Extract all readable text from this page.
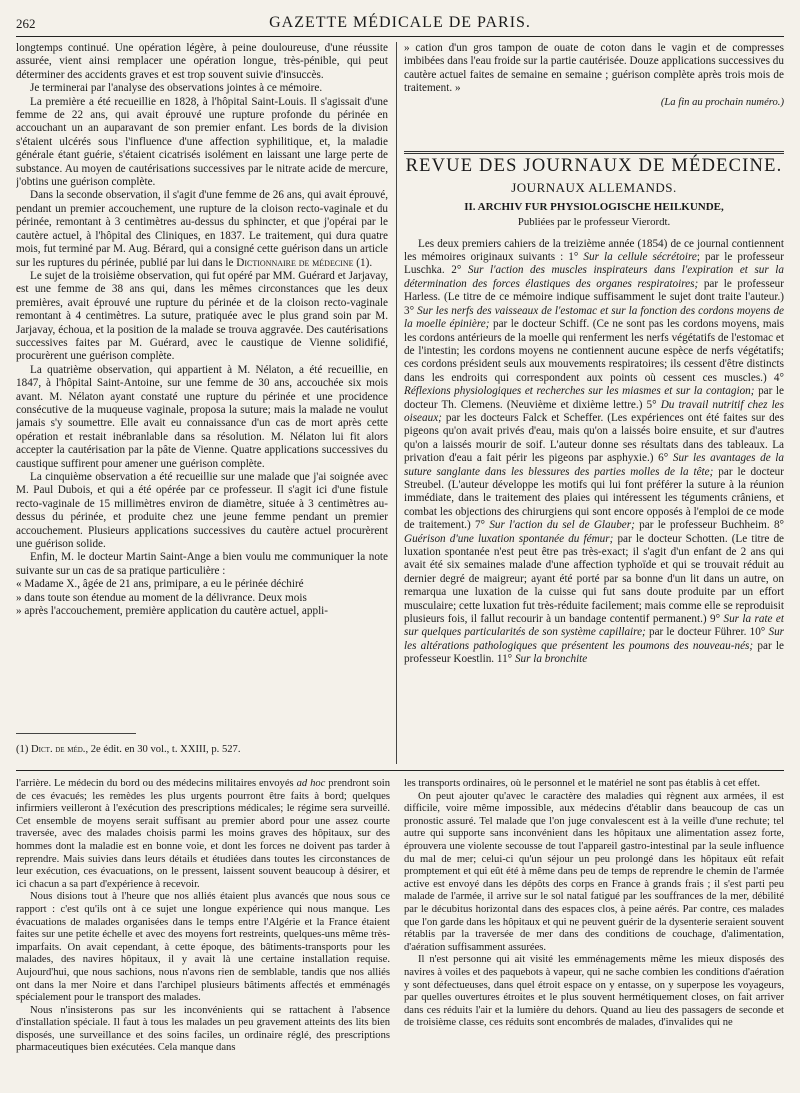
262	GAZETTE MÉDICALE DE PARIS.

longtemps continué. Une opération légère, à peine douloureuse, d'une réussite assurée, vient ainsi remplacer une opération longue, très-pénible, qui peut déterminer des accidents graves et est trop souvent suivie d'insuccès.

Je terminerai par l'analyse des observations jointes à ce mémoire.

La première a été recueillie en 1828, à l'hôpital Saint-Louis. Il s'agissait d'une femme de 22 ans, qui avait éprouvé une rupture profonde du périnée en accouchant un an auparavant de son premier enfant. Les bords de la division s'étaient ulcérés sous l'influence d'une affection syphilitique, et, la maladie générale étant guérie, s'étaient cicatrisés isolément en laissant une large perte de substance. Au moyen de cautérisations successives par le nitrate acide de mercure, j'obtins une guérison complète.

Dans la seconde observation, il s'agit d'une femme de 26 ans, qui avait éprouvé, pendant un premier accouchement, une rupture de la cloison recto-vaginale et du périnée, remontant à 3 centimètres au-dessus du sphincter, et que j'opérai par le cautère actuel, à l'hôpital des Cliniques, en 1837. Le traitement, qui dura quatre mois, fut terminé par M. Aug. Bérard, qui a consigné cette guérison dans un article sur les ruptures du périnée, publié par lui dans le Dictionnaire de médecine (1).

Le sujet de la troisième observation, qui fut opéré par MM. Guérard et Jarjavay, est une femme de 38 ans qui, dans les mêmes circonstances que les deux premières, avait éprouvé une rupture du périnée et de la cloison recto-vaginale remontant à 4 centimètres. La suture, pratiquée avec le plus grand soin par M. Jarjavay, échoua, et la position de la malade se trouva aggravée. Des cautérisations successives faites par M. Guérard, avec le caustique de Vienne solidifié, procurèrent une guérison complète.

La quatrième observation, qui appartient à M. Nélaton, a été recueillie, en 1847, à l'hôpital Saint-Antoine, sur une femme de 30 ans, accouchée six mois avant. M. Nélaton ayant constaté une rupture du périnée et une procidence consécutive de la muqueuse vaginale, proposa la suture; mais la malade ne voulut jamais s'y soumettre. Elle avait eu connaissance d'un cas de mort après cette opération et restait inébranlable dans sa résolution. M. Nélaton lui fit alors accepter la cautérisation par la pâte de Vienne. Quatre applications successives du caustique suffirent pour amener une guérison complète.

La cinquième observation a été recueillie sur une malade que j'ai soignée avec M. Paul Dubois, et qui a été opérée par ce professeur. Il s'agit ici d'une fistule recto-vaginale de 15 millimètres environ de diamètre, située à 3 centimètres au-dessus du périnée, et produite chez une jeune femme pendant un premier accouchement. Plusieurs applications successives du cautère actuel procurèrent une guérison solide.

Enfin, M. le docteur Martin Saint-Ange a bien voulu me communiquer la note suivante sur un cas de sa pratique particulière :

« Madame X., âgée de 21 ans, primipare, a eu le périnée déchiré

» dans toute son étendue au moment de la délivrance. Deux mois

» après l'accouchement, première application du cautère actuel, appli-

(1) Dict. de méd., 2e édit. en 30 vol., t. XXIII, p. 527.

» cation d'un gros tampon de ouate de coton dans le vagin et de compresses imbibées dans l'eau froide sur la partie cautérisée. Douze applications successives du cautère actuel faites de semaine en semaine ; guérison complète après trois mois de traitement. »

(La fin au prochain numéro.)

REVUE DES JOURNAUX DE MÉDECINE.
JOURNAUX ALLEMANDS.
II. ARCHIV FUR PHYSIOLOGISCHE HEILKUNDE,
Publiées par le professeur Vierordt.

Les deux premiers cahiers de la treizième année (1854) de ce journal contiennent les mémoires originaux suivants : 1° Sur la cellule sécrétoire; par le professeur Luschka. 2° Sur l'action des muscles inspirateurs dans l'expiration et sur la détermination des forces élastiques des organes respiratoires; par le professeur Harless. (Le titre de ce mémoire indique suffisamment le sujet dont traite l'auteur.) 3° Sur les nerfs des vaisseaux de l'estomac et sur la fonction des cordons moyens de la moelle épinière; par le docteur Schiff. (Ce ne sont pas les cordons moyens, mais les cordons antérieurs de la moelle qui renferment les nerfs végétatifs de l'estomac et de l'intestin; les cordons moyens ne contiennent aucune espèce de nerfs végétatifs; ces cordons président seuls aux mouvements respiratoires; ils cessent d'être distincts dans les endroits qui correspondent aux points où cessent ces muscles.) 4° Réflexions physiologiques et recherches sur les miasmes et sur la contagion; par le docteur Th. Clemens. (Neuvième et dixième lettre.) 5° Du travail nutritif chez les oiseaux; par les docteurs Falck et Scheffer. (Les expériences ont été faites sur des pigeons qu'on avait privés d'eau, mais qu'on a laissés boire ensuite, et sur d'autres qu'on a laissés mourir de soif. L'auteur donne ses résultats dans des tableaux. La privation d'eau a fait périr les pigeons par asphyxie.) 6° Sur les avantages de la suture sanglante dans les blessures des parties molles de la tête; par le docteur Streubel. (L'auteur développe les motifs qui lui font préférer la suture à la réunion immédiate, dans le traitement des plaies qui intéressent les téguments crâniens, et combat les objections des chirurgiens qui sont encore opposés à l'emploi de ce mode de traitement.) 7° Sur l'action du sel de Glauber; par le professeur Buchheim. 8° Guérison d'une luxation spontanée du fémur; par le docteur Schotten. (Le titre de luxation spontanée n'est peut être pas très-exact; il s'agit d'un enfant de 2 ans qui avait été six semaines malade d'une affection typhoïde et qui se trouvait réduit au dernier degré de maigreur; ayant été porté par sa bonne d'un lit dans un autre, on remarqua une luxation de la cuisse qui fut sans doute produite par un effort musculaire; cette luxation fut très-réduite facilement; mais comme elle se reproduisit plusieurs fois, il fallut recourir à un bandage contentif permanent.) 9° Sur la rate et sur quelques particularités de son système capillaire; par le docteur Führer. 10° Sur les altérations pathologiques que présentent les poumons des nouveau-nés; par le professeur Koestlin. 11° Sur la bronchite

l'arrière. Le médecin du bord ou des médecins militaires envoyés ad hoc prendront soin de ces évacués; les remèdes les plus urgents pourront être faits à bord; quelques infirmiers veilleront à l'exécution des prescriptions médicales; le régime sera surveillé. Cet ensemble de moyens serait suffisant au premier abord pour une assez courte traversée, avec des malades choisis parmi les moins graves des hôpitaux, sur des hommes dont la maladie est en bonne voie, et dont les forces ne doivent pas tarder à reprendre. Mais suivies dans leurs détails et étudiées dans toutes les circonstances de leur exécution, ces évacuations, on le pressent, laissent souvent beaucoup à désirer, et ici chacun a sa part d'expérience à recevoir.

Nous disions tout à l'heure que nos alliés étaient plus avancés que nous sous ce rapport : c'est qu'ils ont à ce sujet une longue expérience qui nous manque. Les évacuations de malades organisées dans le temps entre l'Algérie et la France étaient faites sur une petite échelle et avec des moyens fort restreints, quelques-uns même très-imparfaits. On avait cependant, à cette époque, des bâtiments-transports pour les malades, des navires hôpitaux, il y avait là une certaine installation requise. Aujourd'hui, que nous sachions, nous n'avons rien de semblable, tandis que nos alliés ont dans la mer Noire et dans l'archipel plusieurs bâtiments affectés et emménagés spécialement pour le transport des malades.

Nous n'insisterons pas sur les inconvénients qui se rattachent à l'absence d'installation spéciale. Il faut à tous les malades un peu gravement atteints des lits bien disposés, une surveillance et des soins faciles, un ordinaire réglé, des prescriptions pharmaceutiques bien exécutées. Cela manque dans

les transports ordinaires, où le personnel et le matériel ne sont pas établis à cet effet.

On peut ajouter qu'avec le caractère des maladies qui règnent aux armées, il est difficile, voire même impossible, aux médecins d'établir dans beaucoup de cas un pronostic assuré. Tel malade que l'on juge convalescent est à la veille d'une rechute; tel autre qui supporte sans inconvénient dans les hôpitaux une alimentation assez forte, éprouvera une violente secousse de tout l'appareil gastro-intestinal par la seule influence du mal de mer; celui-ci qu'un séjour un peu prolongé dans les hôpitaux eût refait promptement et qui eût été à même dans peu de temps de reprendre le chemin de l'armée active est envoyé dans les dépôts des corps en France à grands frais ; il s'est parti peu malade de l'armée, il arrive sur le sol natal fatigué par les souffrances de la mer, débilité par le décubitus horizontal dans des espaces clos, à peine aérés. Par contre, ces malades que l'on garde dans les hôpitaux et qui ne peuvent guérir de la dysenterie seraient souvent rétablis par la traversée de mer dans des conditions de couchage, d'alimentation, d'aération suffisamment assurées.

Il n'est personne qui ait visité les emménagements même les mieux disposés des navires à voiles et des paquebots à vapeur, qui ne sache combien les conditions d'aération y sont défectueuses, dans quel étroit espace on y entasse, on y superpose les voyageurs, par quelles ouvertures étroites et le plus souvent hermétiquement closes, on fait arriver dans ces réduits l'air et la lumière du dehors. Quand au lieu des passagers de seconde et de troisième classe, ces réduits sont encombrés de malades, d'invalides qui ne
